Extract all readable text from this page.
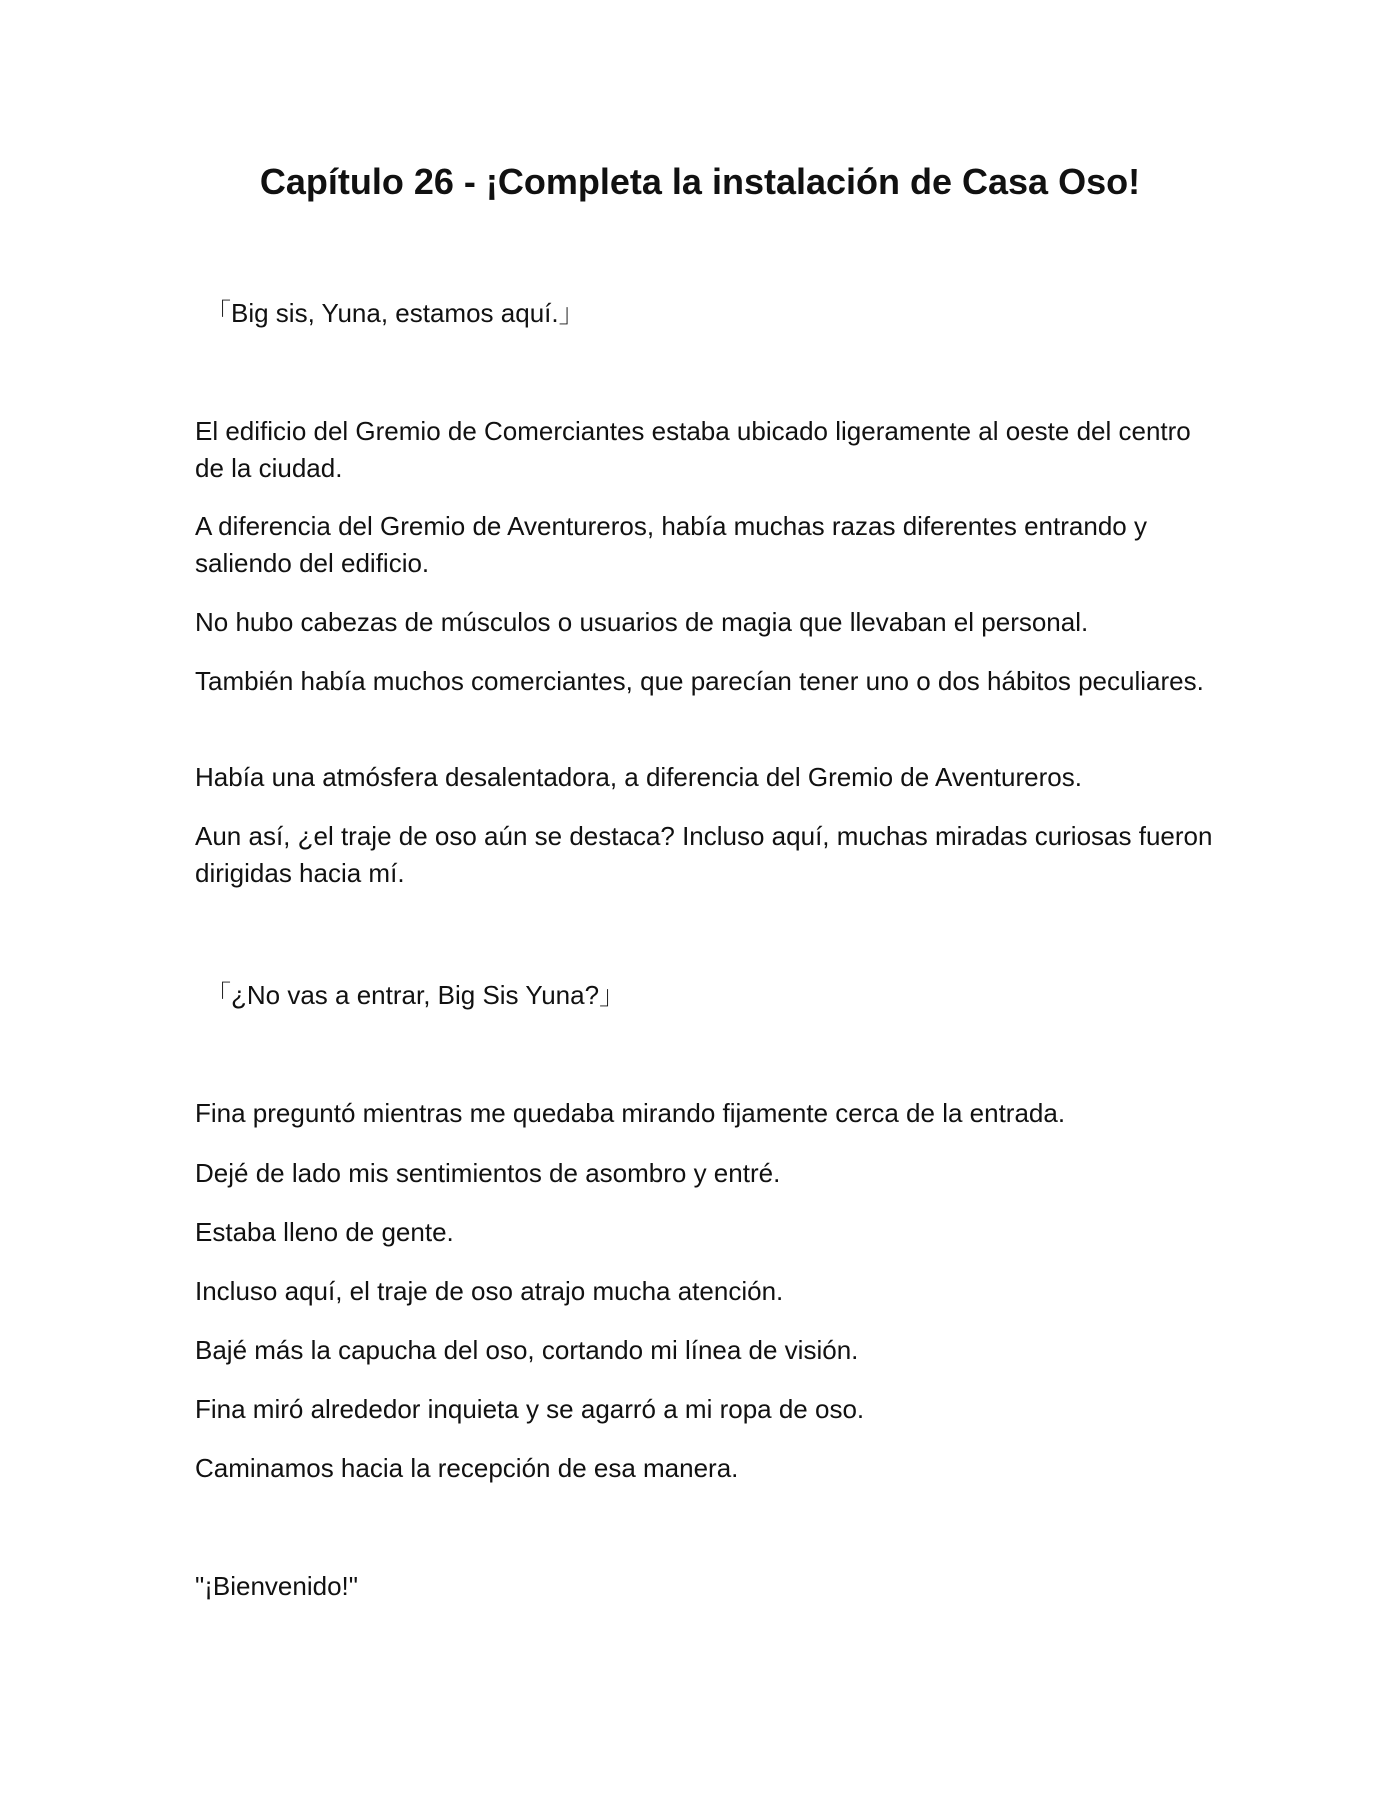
Capítulo 26 - ¡Completa la instalación de Casa Oso!

「Big sis, Yuna, estamos aquí.」

El edificio del Gremio de Comerciantes estaba ubicado ligeramente al oeste del centro de la ciudad.

A diferencia del Gremio de Aventureros, había muchas razas diferentes entrando y saliendo del edificio.

No hubo cabezas de músculos o usuarios de magia que llevaban el personal.

También había muchos comerciantes, que parecían tener uno o dos hábitos peculiares.

Había una atmósfera desalentadora, a diferencia del Gremio de Aventureros.

Aun así, ¿el traje de oso aún se destaca? Incluso aquí, muchas miradas curiosas fueron dirigidas hacia mí.

「¿No vas a entrar, Big Sis Yuna?」

Fina preguntó mientras me quedaba mirando fijamente cerca de la entrada.

Dejé de lado mis sentimientos de asombro y entré.

Estaba lleno de gente.

Incluso aquí, el traje de oso atrajo mucha atención.

Bajé más la capucha del oso, cortando mi línea de visión.

Fina miró alrededor inquieta y se agarró a mi ropa de oso.

Caminamos hacia la recepción de esa manera.

"¡Bienvenido!"
